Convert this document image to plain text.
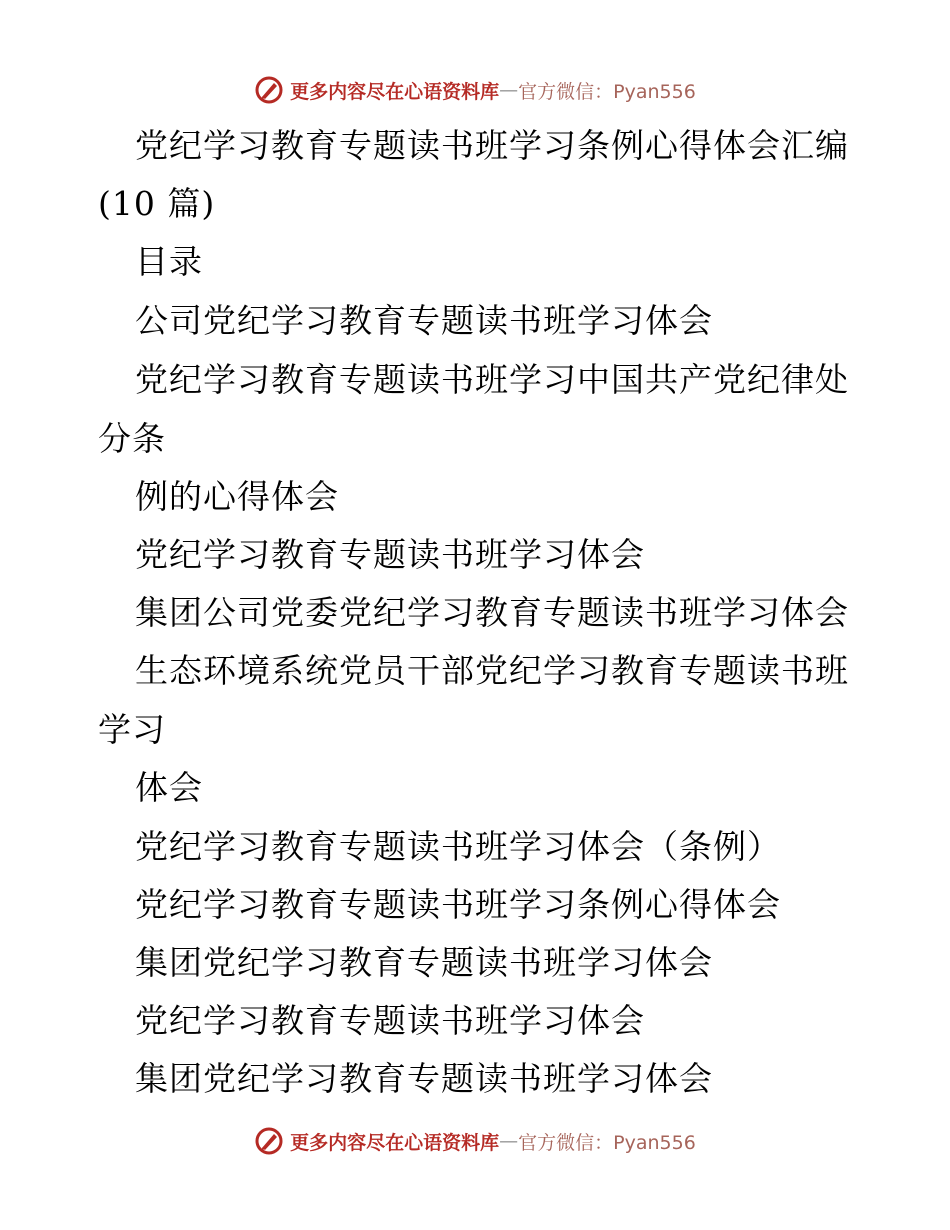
更多内容尽在心语资料库 — 官方微信：Pyan556
党纪学习教育专题读书班学习条例心得体会汇编
(10 篇)
目录
公司党纪学习教育专题读书班学习体会
党纪学习教育专题读书班学习中国共产党纪律处
分条
例的心得体会
党纪学习教育专题读书班学习体会
集团公司党委党纪学习教育专题读书班学习体会
生态环境系统党员干部党纪学习教育专题读书班
学习
体会
党纪学习教育专题读书班学习体会（条例）
党纪学习教育专题读书班学习条例心得体会
集团党纪学习教育专题读书班学习体会
党纪学习教育专题读书班学习体会
集团党纪学习教育专题读书班学习体会
更多内容尽在心语资料库 — 官方微信：Pyan556
